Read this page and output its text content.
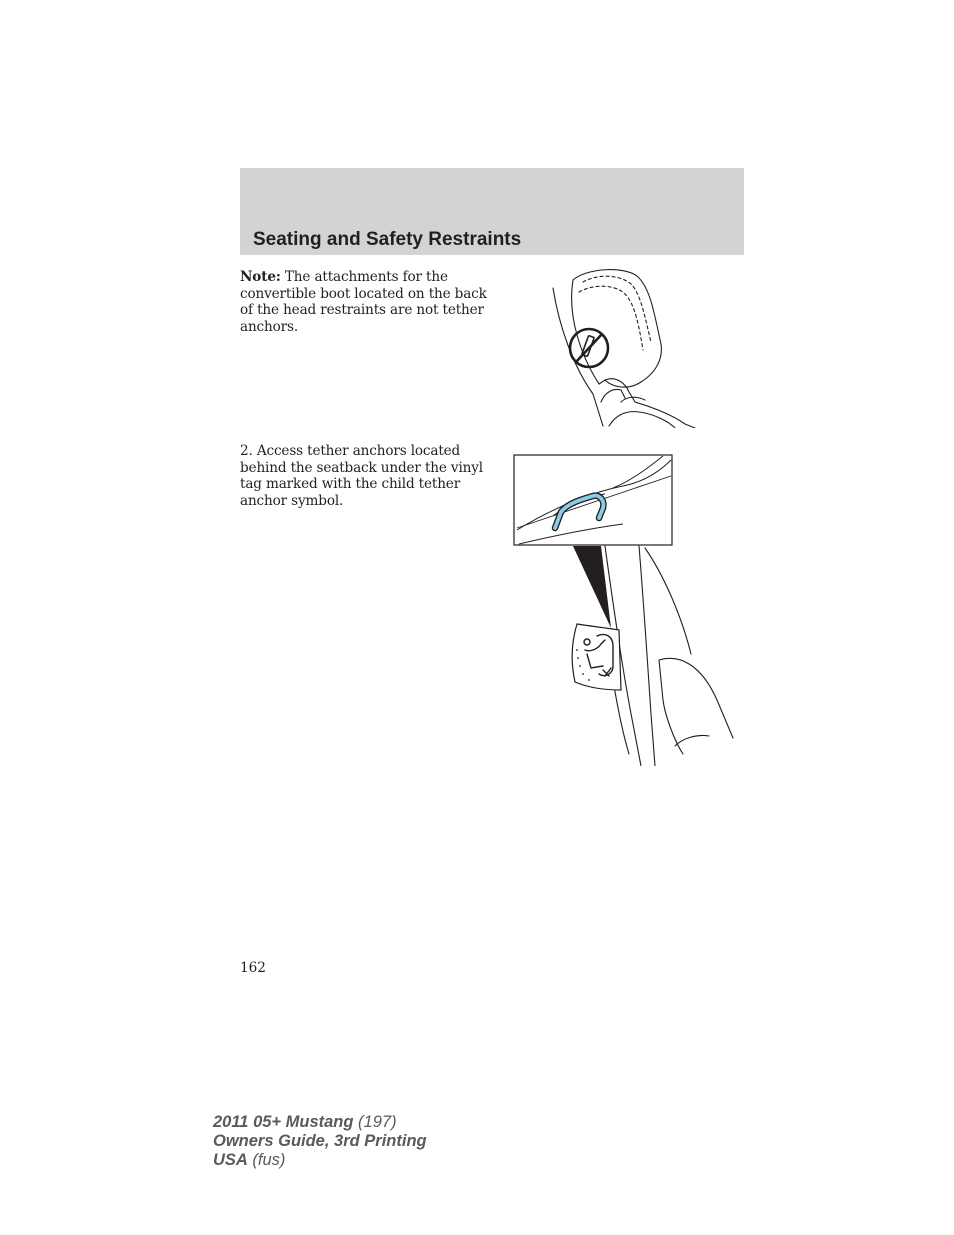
Seating and Safety Restraints

Note: The attachments for the convertible boot located on the back of the head restraints are not tether anchors.

2. Access tether anchors located behind the seatback under the vinyl tag marked with the child tether anchor symbol.

162
2011 05+ Mustang (197)
Owners Guide, 3rd Printing
USA (fus)
